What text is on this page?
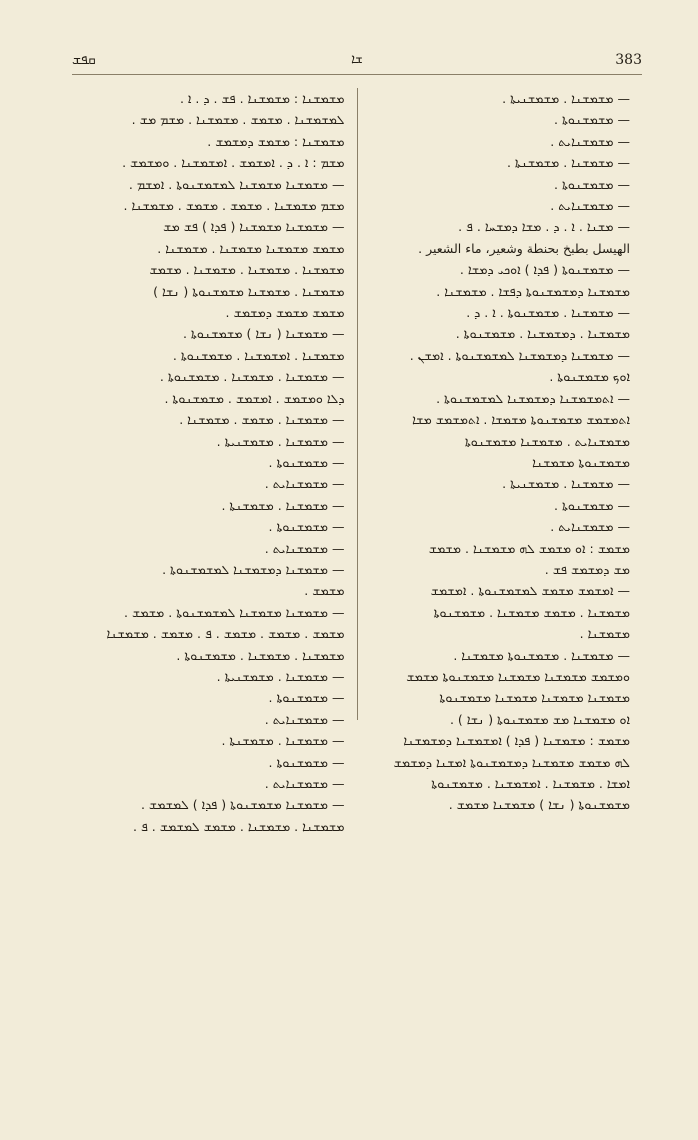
ܩܦܫ	ܫܐ	383

— ܡܫܡܫܢܐ . ܡܫܡܫܢܝܬܐ .

— ܡܫܡܫܢܘܬܐ .

— ܡܫܡܫܢܐܝܬ .

— ܡܫܡܫܢܐ . ܡܫܡܫܢܬܐ .

— ܡܫܡܫܢܘܬܐ .

— ܡܫܡܫܢܐܝܬ .

— ܡܫܢܐ . ܐ . ܕ . ܡܫܐ ܕܡܫܚܐ . ܦ .

الهيسل بطبخ بحنطة وشعير، ماء الشعير .

— ܡܫܡܫܢܘܬܐ ( ܦܕܐ ) ܐܘܟܝ ܕܡܫܐ .

ܡܫܡܫܢܐ ܕܡܫܡܫܢܘܬܐ ܕܦܫܐ . ܡܫܡܫܢܐ .

— ܡܫܡܫܢܐ . ܡܫܡܫܢܘܬܐ . ܐ . ܕ .

ܡܫܡܫܢܐ . ܕܡܫܡܫܢܐ . ܡܫܡܫܢܘܬܐ .

— ܡܫܡܫܢܐ ܕܡܫܡܫܢܐ ܠܡܫܡܫܢܘܬܐ . ܐܡܫܢ .

ܐܘܟ ܡܫܡܫܢܘܬܐ .

— ܐܬܡܫܡܫܢܐ ܕܡܫܡܫܢܐ ܠܡܫܡܫܢܘܬܐ .

ܐܬܡܫܡܫ ܡܫܡܫܢܘܬܐ ܡܫܡܫܐ . ܐܬܡܫܡܫ ܡܫܐ

ܡܫܡܫܢܐܝܬ . ܡܫܡܫܢܐ ܡܫܡܫܢܘܬܐ

ܡܫܡܫܢܘܬܐ ܡܫܡܫܢܐ

— ܡܫܡܫܢܐ . ܡܫܡܫܢܝܬܐ .

— ܡܫܡܫܢܘܬܐ .

— ܡܫܡܫܢܐܝܬ .

ܡܫܡܫ : ܐܘ ܡܫܡܫ ܠܗ ܡܫܡܫܢܐ . ܡܫܡܫ

ܡܫ ܕܡܫܡܫ ܦܫ .

— ܐܡܫܡܫ ܡܫܡܫ ܠܡܫܡܫܢܘܬܐ . ܐܡܫܡܫ

ܡܫܡܫܢܐ . ܡܫܡܫ ܡܫܡܫܢܐ . ܡܫܡܫܢܘܬܐ

ܡܫܡܫܢܐ .

— ܡܫܡܫܢܐ . ܡܫܡܫܢܘܬܐ ܡܫܡܫܢܐ .

ܘܡܫܡܫ ܡܫܡܫܢܐ ܡܫܡܫܢܐ ܡܫܡܫܢܘܬܐ ܡܫܡܫ

ܡܫܡܫܢܐ ܡܫܡܫܢܐ ܡܫܡܫܢܐ ܡܫܡܫܢܘܬܐ

ܐܘ ܡܫܡܫܢܐ ܡܫ ܡܫܡܫܢܘܬܐ ( ܢܫܐ ) .

ܡܫܡܫ : ܡܫܡܫܢܐ ( ܦܕܐ ) ܐܡܫܡܫܢܐ ܕܡܫܡܫܢܐ

ܠܗ ܡܫܡܫ ܡܫܡܫܢܐ ܕܡܫܡܫܢܘܬܐ ܐܡܫܢܐ ܕܡܫܡܫ

ܐܡܫܐ . ܡܫܡܫܢܐ . ܐܡܫܡܫܢܐ . ܡܫܡܫܢܘܬܐ

ܡܫܡܫܢܘܬܐ ( ܢܫܐ ) ܡܫܡܫܢܐ ܡܫܡܫ .

ܡܫܡܫܢܐ : ܡܫܡܫܢܐ . ܦܫ . ܕ . ܐ .

ܠܡܫܡܫܢܐ . ܡܫܡܫ . ܡܫܡܫܢܐ . ܡܫܡ ܡܫ .

ܡܫܡܫܢܐ : ܡܫܡܫ ܕܡܫܡܫ .

ܡܫܡ : ܐ . ܕ . ܐܡܫܡܫ . ܐܡܫܡܫܢܐ . ܘܡܫܡܫ .

— ܡܫܡܫܢܐ ܡܫܡܫܢܐ ܠܡܫܡܫܢܘܬܐ . ܐܡܫܡ .

ܡܫܡ ܡܫܡܫܢܐ . ܡܫܡܫ . ܡܫܡܫ . ܡܫܡܫܢܐ .

— ܡܫܡܫܢܐ ܡܫܡܫܢܐ ( ܦܕܐ ) ܦܫ ܡܫ

ܡܫܡܫ ܡܫܡܫܢܐ ܡܫܡܫܢܐ . ܡܫܡܫܢܐ .

ܡܫܡܫܢܐ . ܡܫܡܫܢܐ . ܡܫܡܫܢܐ . ܡܫܡܫ

ܡܫܡܫܢܐ . ܡܫܡܫܢܐ ܡܫܡܫܢܘܬܐ ( ܢܫܐ )

ܡܫܡܫ ܡܫܡܫ ܕܡܫܡܫ .

— ܡܫܡܫܢܐ ( ܢܫܐ ) ܡܫܡܫܢܘܬܐ .

ܡܫܡܫܢܐ . ܐܡܫܡܫܢܐ . ܡܫܡܫܢܘܬܐ .

— ܡܫܡܫܢܐ . ܡܫܡܫܢܐ . ܡܫܡܫܢܘܬܐ .

ܕܠܐ ܘܡܫܡܫ . ܐܡܫܡܫ . ܡܫܡܫܢܘܬܐ .

— ܡܫܡܫܢܐ . ܡܫܡܫ . ܡܫܡܫܢܐ .

— ܡܫܡܫܢܐ . ܡܫܡܫܢܝܬܐ .

— ܡܫܡܫܢܘܬܐ .

— ܡܫܡܫܢܐܝܬ .

— ܡܫܡܫܢܐ . ܡܫܡܫܢܬܐ .

— ܡܫܡܫܢܘܬܐ .

— ܡܫܡܫܢܐܝܬ .

— ܡܫܡܫܢܐ ܕܡܫܡܫܢܐ ܠܡܫܡܫܢܘܬܐ .

ܡܫܡܫ .

— ܡܫܡܫܢܐ ܡܫܡܫܢܐ ܠܡܫܡܫܢܘܬܐ . ܡܫܡܫ .

ܡܫܡܫ . ܡܫܡܫ . ܡܫܡܫ . ܦ . ܡܫܡܫ . ܡܫܡܫܢܐ

ܡܫܡܫܢܐ . ܡܫܡܫܢܐ . ܡܫܡܫܢܘܬܐ .

— ܡܫܡܫܢܐ . ܡܫܡܫܢܝܬܐ .

— ܡܫܡܫܢܘܬܐ .

— ܡܫܡܫܢܐܝܬ .

— ܡܫܡܫܢܐ . ܡܫܡܫܢܬܐ .

— ܡܫܡܫܢܘܬܐ .

— ܡܫܡܫܢܐܝܬ .

— ܡܫܡܫܢܐ ܡܫܡܫܢܘܬܐ ( ܦܕܐ ) ܠܡܫܡܫ .

ܡܫܡܫܢܐ . ܡܫܡܫܢܐ . ܡܫܡܫ ܠܡܫܡܫ . ܦ .
